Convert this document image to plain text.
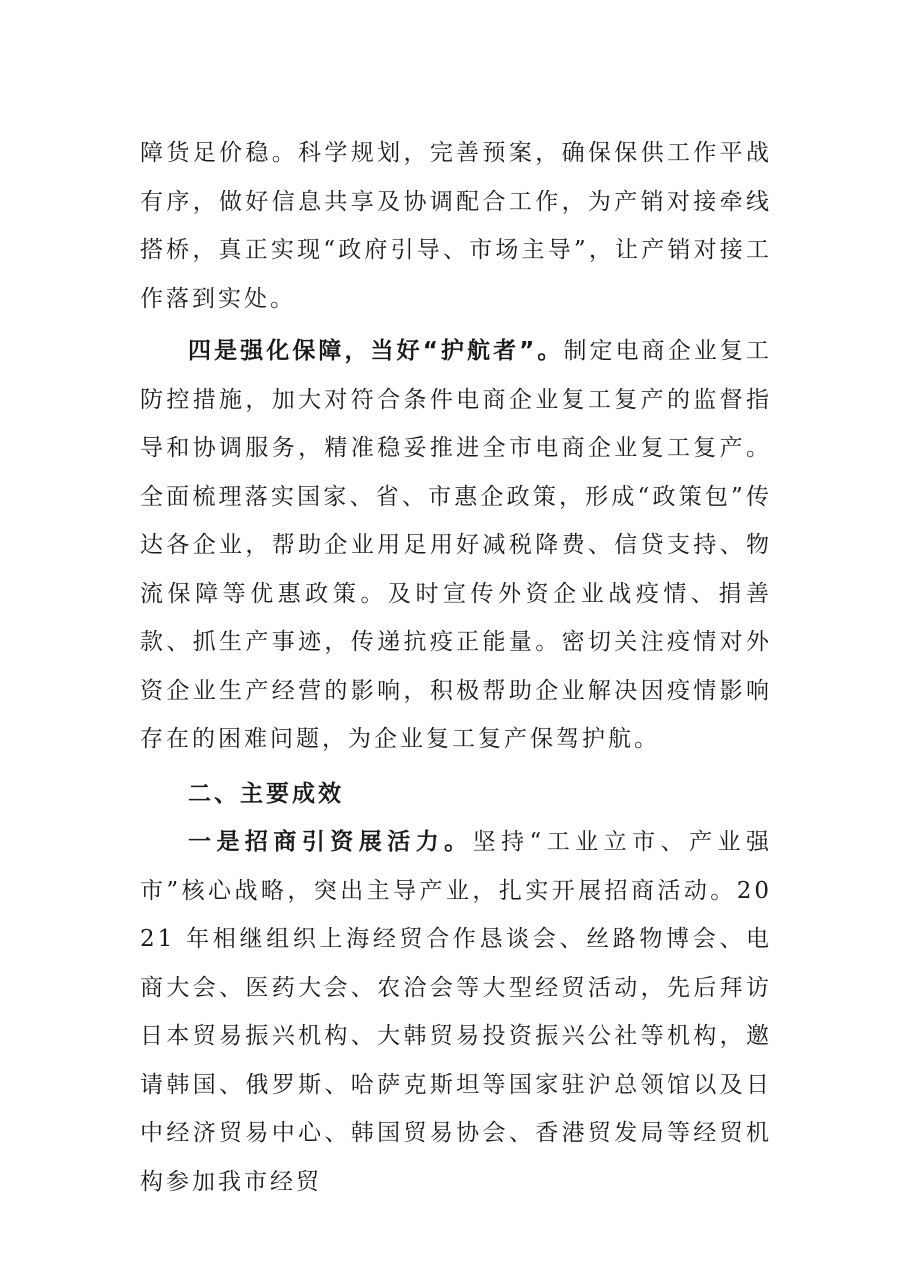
障货足价稳。科学规划，完善预案，确保保供工作平战有序，做好信息共享及协调配合工作，为产销对接牵线搭桥，真正实现“政府引导、市场主导”，让产销对接工作落到实处。

四是强化保障，当好“护航者”。制定电商企业复工防控措施，加大对符合条件电商企业复工复产的监督指导和协调服务，精准稳妥推进全市电商企业复工复产。全面梳理落实国家、省、市惠企政策，形成“政策包”传达各企业，帮助企业用足用好减税降费、信贷支持、物流保障等优惠政策。及时宣传外资企业战疫情、捐善款、抓生产事迹，传递抗疫正能量。密切关注疫情对外资企业生产经营的影响，积极帮助企业解决因疫情影响存在的困难问题，为企业复工复产保驾护航。

二、主要成效

一是招商引资展活力。坚持“工业立市、产业强市”核心战略，突出主导产业，扎实开展招商活动。2021 年相继组织上海经贸合作恳谈会、丝路物博会、电商大会、医药大会、农洽会等大型经贸活动，先后拜访日本贸易振兴机构、大韩贸易投资振兴公社等机构，邀请韩国、俄罗斯、哈萨克斯坦等国家驻沪总领馆以及日中经济贸易中心、韩国贸易协会、香港贸发局等经贸机构参加我市经贸
